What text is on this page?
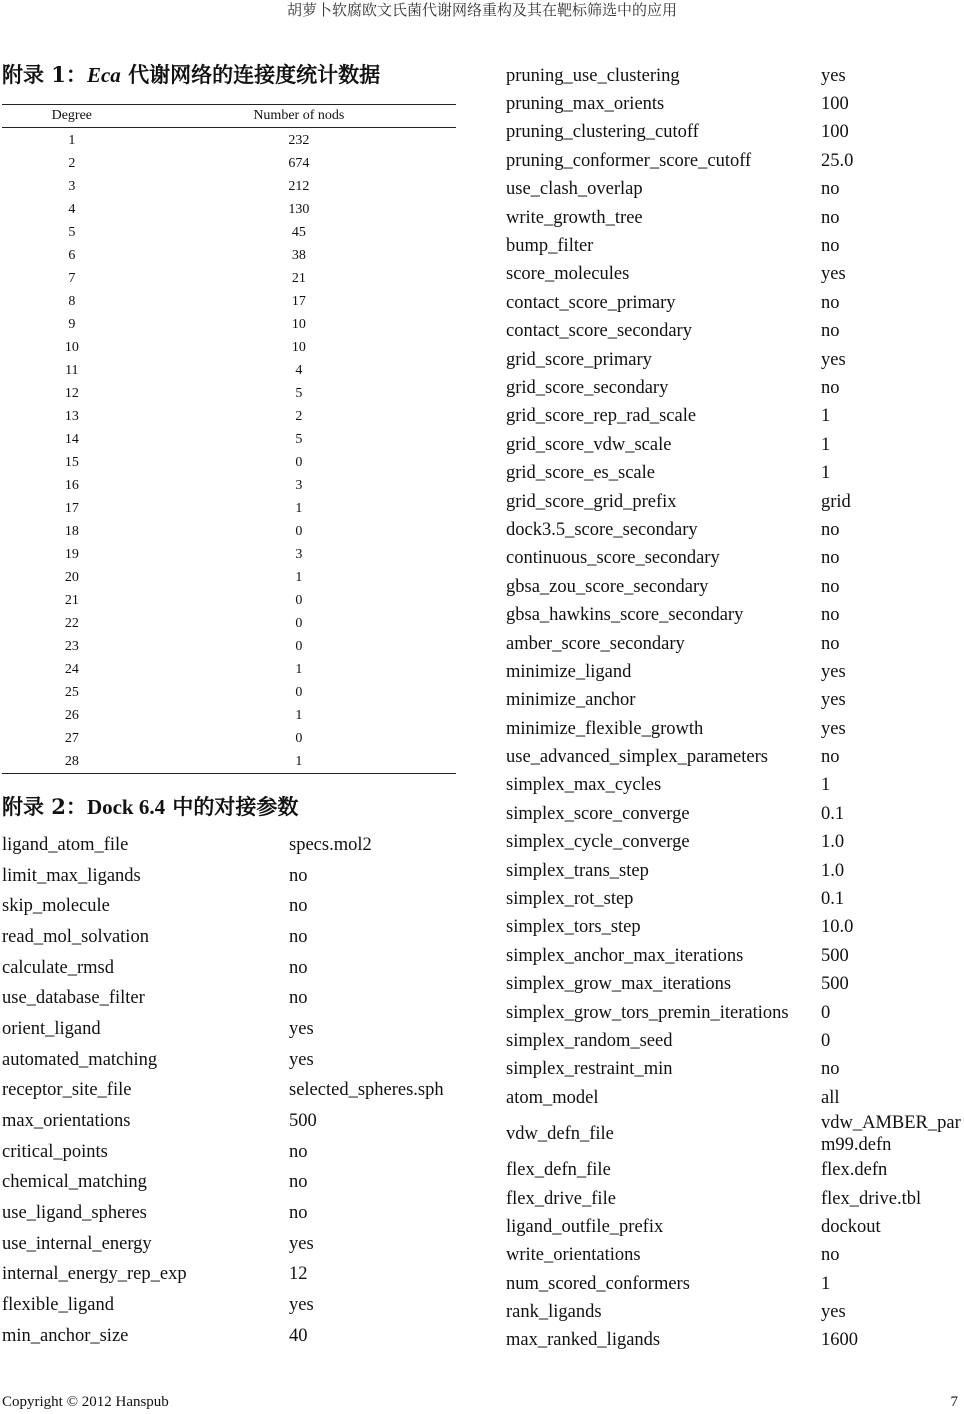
胡萝卜软腐欧文氏菌代谢网络重构及其在靶标筛选中的应用
附录 1：Eca 代谢网络的连接度统计数据
Degree	Number of nods
1	232
2	674
3	212
4	130
5	45
6	38
7	21
8	17
9	10
10	10
11	4
12	5
13	2
14	5
15	0
16	3
17	1
18	0
19	3
20	1
21	0
22	0
23	0
24	1
25	0
26	1
27	0
28	1
附录 2：Dock 6.4 中的对接参数
ligand_atom_file	specs.mol2
limit_max_ligands	no
skip_molecule	no
read_mol_solvation	no
calculate_rmsd	no
use_database_filter	no
orient_ligand	yes
automated_matching	yes
receptor_site_file	selected_spheres.sph
max_orientations	500
critical_points	no
chemical_matching	no
use_ligand_spheres	no
use_internal_energy	yes
internal_energy_rep_exp	12
flexible_ligand	yes
min_anchor_size	40
pruning_use_clustering	yes
pruning_max_orients	100
pruning_clustering_cutoff	100
pruning_conformer_score_cutoff	25.0
use_clash_overlap	no
write_growth_tree	no
bump_filter	no
score_molecules	yes
contact_score_primary	no
contact_score_secondary	no
grid_score_primary	yes
grid_score_secondary	no
grid_score_rep_rad_scale	1
grid_score_vdw_scale	1
grid_score_es_scale	1
grid_score_grid_prefix	grid
dock3.5_score_secondary	no
continuous_score_secondary	no
gbsa_zou_score_secondary	no
gbsa_hawkins_score_secondary	no
amber_score_secondary	no
minimize_ligand	yes
minimize_anchor	yes
minimize_flexible_growth	yes
use_advanced_simplex_parameters	no
simplex_max_cycles	1
simplex_score_converge	0.1
simplex_cycle_converge	1.0
simplex_trans_step	1.0
simplex_rot_step	0.1
simplex_tors_step	10.0
simplex_anchor_max_iterations	500
simplex_grow_max_iterations	500
simplex_grow_tors_premin_iterations	0
simplex_random_seed	0
simplex_restraint_min	no
atom_model	all
vdw_defn_file	vdw_AMBER_parm99.defn
flex_defn_file	flex.defn
flex_drive_file	flex_drive.tbl
ligand_outfile_prefix	dockout
write_orientations	no
num_scored_conformers	1
rank_ligands	yes
max_ranked_ligands	1600
Copyright © 2012 Hanspub	7
